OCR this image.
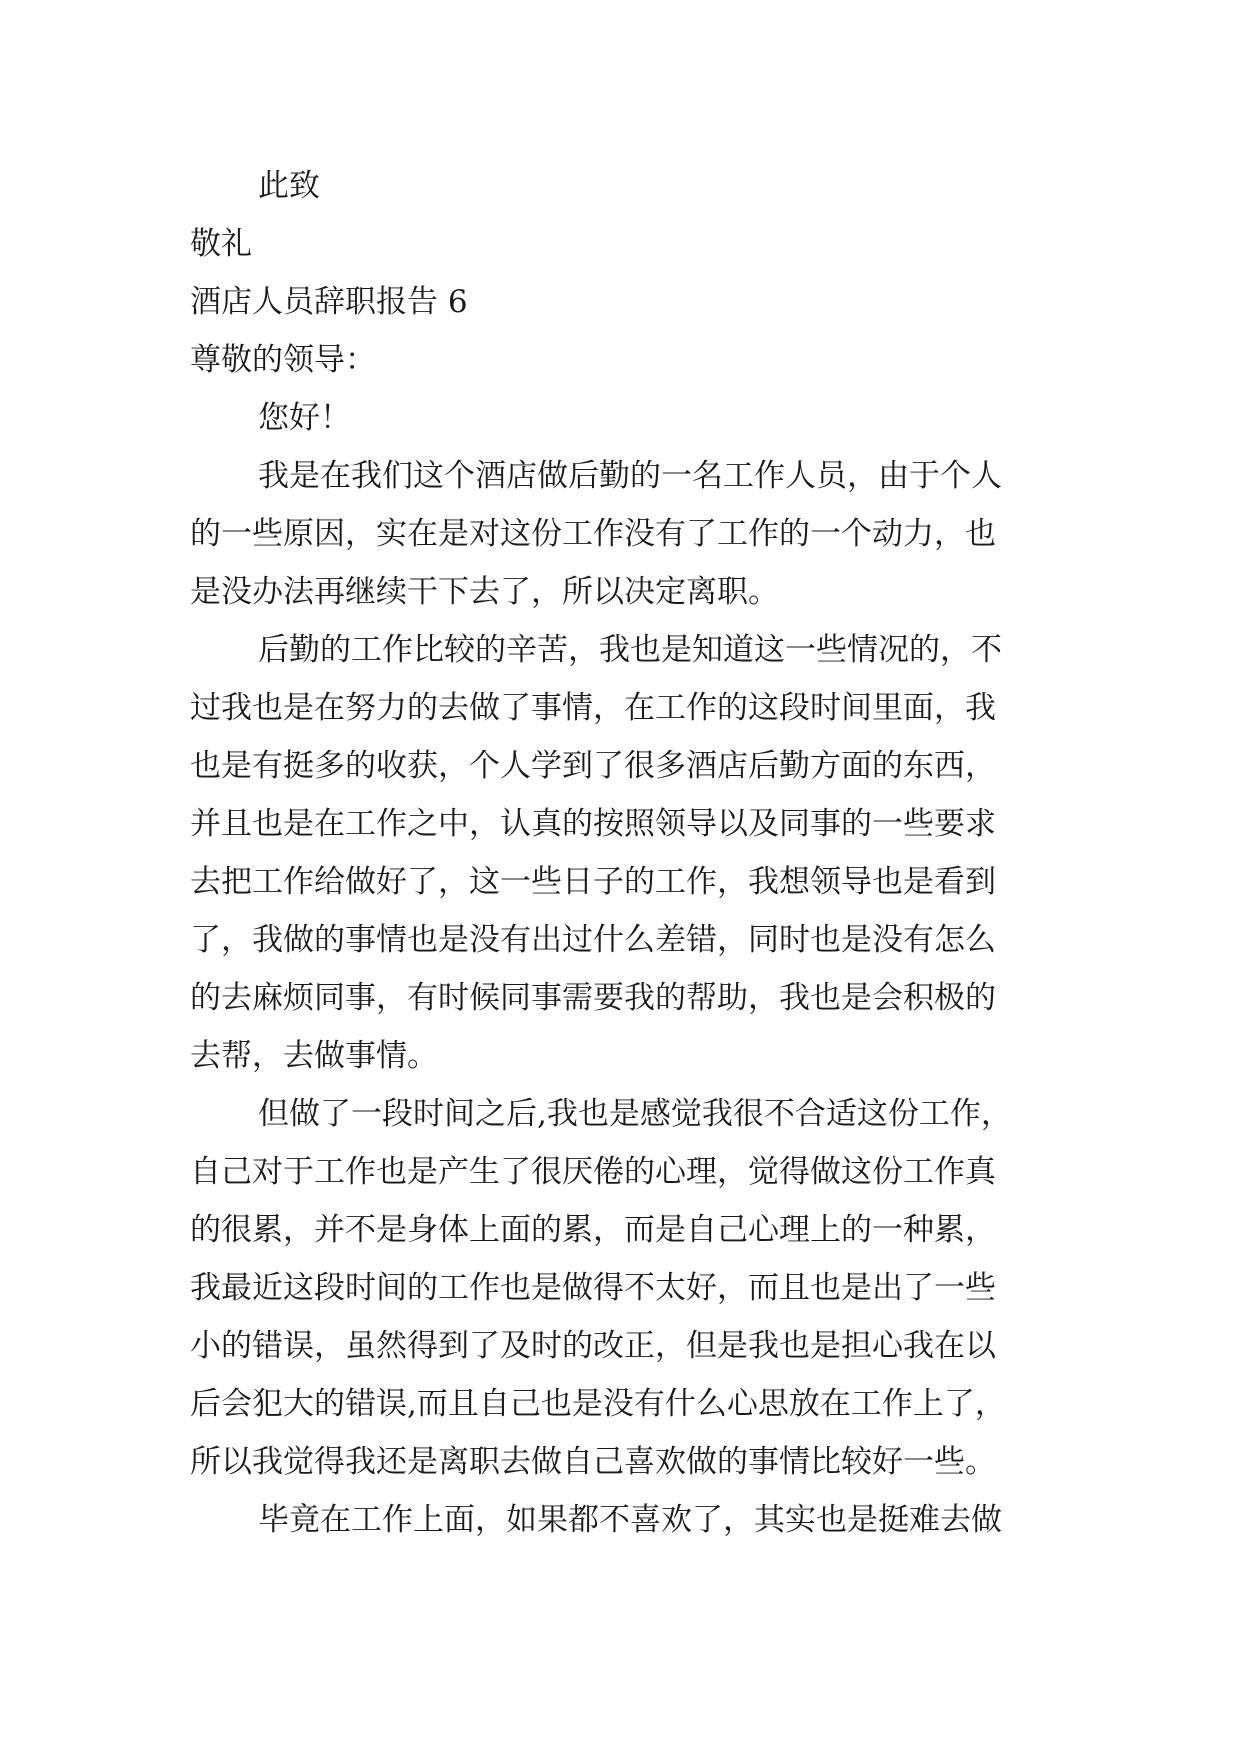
此致
敬礼
酒店人员辞职报告 6
尊敬的领导：
您好！
我是在我们这个酒店做后勤的一名工作人员，由于个人
的一些原因，实在是对这份工作没有了工作的一个动力，也
是没办法再继续干下去了，所以决定离职。
后勤的工作比较的辛苦，我也是知道这一些情况的，不
过我也是在努力的去做了事情，在工作的这段时间里面，我
也是有挺多的收获，个人学到了很多酒店后勤方面的东西，
并且也是在工作之中，认真的按照领导以及同事的一些要求
去把工作给做好了，这一些日子的工作，我想领导也是看到
了，我做的事情也是没有出过什么差错，同时也是没有怎么
的去麻烦同事，有时候同事需要我的帮助，我也是会积极的
去帮，去做事情。
但做了一段时间之后,我也是感觉我很不合适这份工作，
自己对于工作也是产生了很厌倦的心理，觉得做这份工作真
的很累，并不是身体上面的累，而是自己心理上的一种累，
我最近这段时间的工作也是做得不太好，而且也是出了一些
小的错误，虽然得到了及时的改正，但是我也是担心我在以
后会犯大的错误,而且自己也是没有什么心思放在工作上了，
所以我觉得我还是离职去做自己喜欢做的事情比较好一些。
毕竟在工作上面，如果都不喜欢了，其实也是挺难去做
